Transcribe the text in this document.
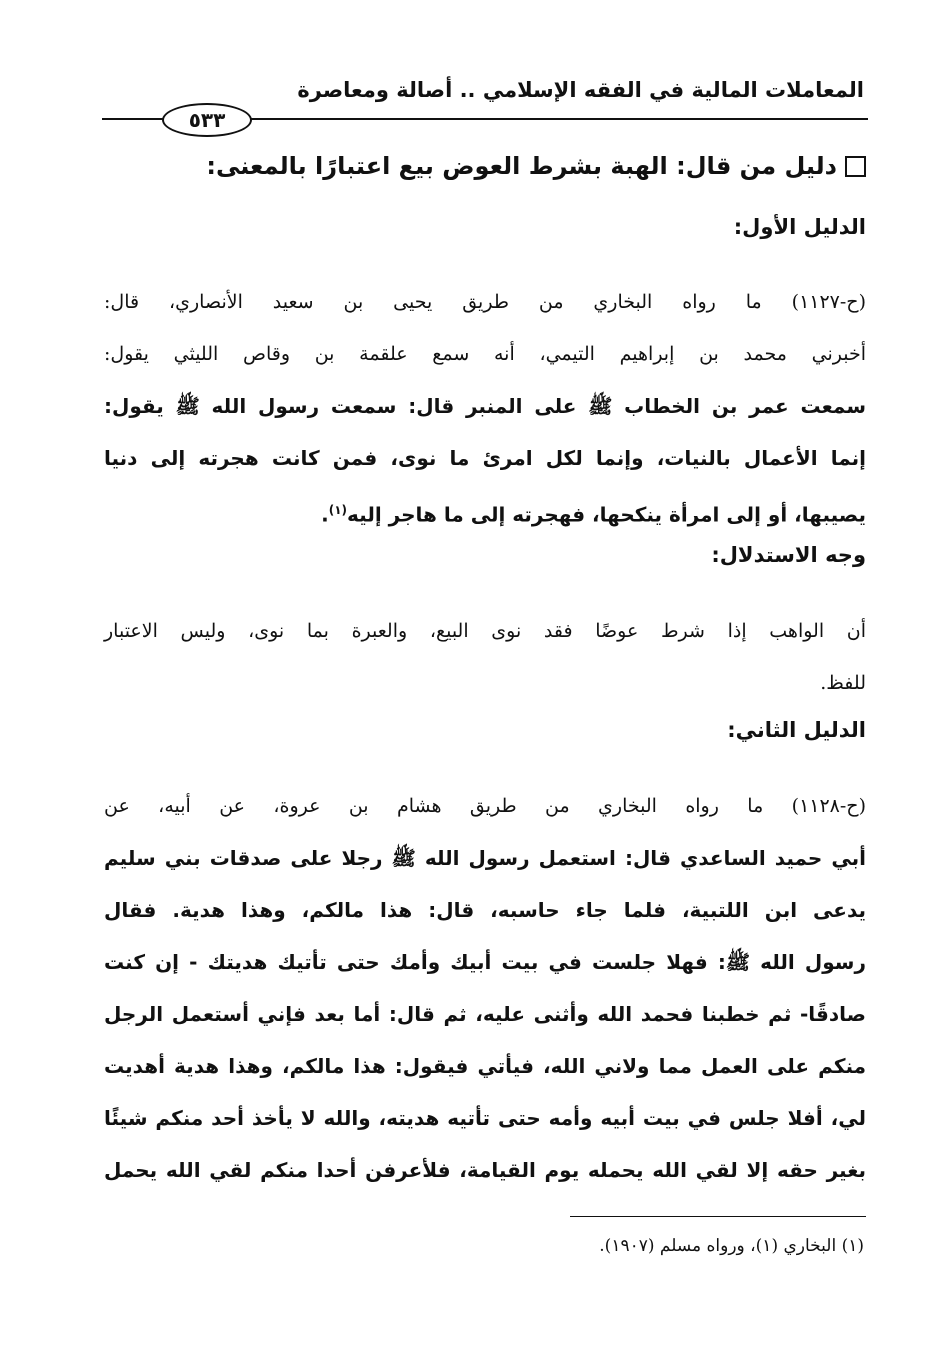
المعاملات المالية في الفقه الإسلامي .. أصالة ومعاصرة
٥٣٣
دليل من قال: الهبة بشرط العوض بيع اعتبارًا بالمعنى:
الدليل الأول:
(ح-١١٢٧) ما رواه البخاري من طريق يحيى بن سعيد الأنصاري، قال:
أخبرني محمد بن إبراهيم التيمي، أنه سمع علقمة بن وقاص الليثي يقول:
سمعت عمر بن الخطاب ﷺ على المنبر قال: سمعت رسول الله ﷺ يقول:
إنما الأعمال بالنيات، وإنما لكل امرئ ما نوى، فمن كانت هجرته إلى دنيا
يصيبها، أو إلى امرأة ينكحها، فهجرته إلى ما هاجر إليه$^{(١)}$.
وجه الاستدلال:
أن الواهب إذا شرط عوضًا فقد نوى البيع، والعبرة بما نوى، وليس الاعتبار
للفظ.
الدليل الثاني:
(ح-١١٢٨) ما رواه البخاري من طريق هشام بن عروة، عن أبيه، عن
أبي حميد الساعدي قال: استعمل رسول الله ﷺ رجلا على صدقات بني سليم
يدعى ابن اللتبية، فلما جاء حاسبه، قال: هذا مالكم، وهذا هدية. فقال
رسول الله ﷺ: فهلا جلست في بيت أبيك وأمك حتى تأتيك هديتك - إن كنت
صادقًا- ثم خطبنا فحمد الله وأثنى عليه، ثم قال: أما بعد فإني أستعمل الرجل
منكم على العمل مما ولاني الله، فيأتي فيقول: هذا مالكم، وهذا هدية أهديت
لي، أفلا جلس في بيت أبيه وأمه حتى تأتيه هديته، والله لا يأخذ أحد منكم شيئًا
بغير حقه إلا لقي الله يحمله يوم القيامة، فلأعرفن أحدا منكم لقي الله يحمل
(١) البخاري (١)، ورواه مسلم (١٩٠٧).
